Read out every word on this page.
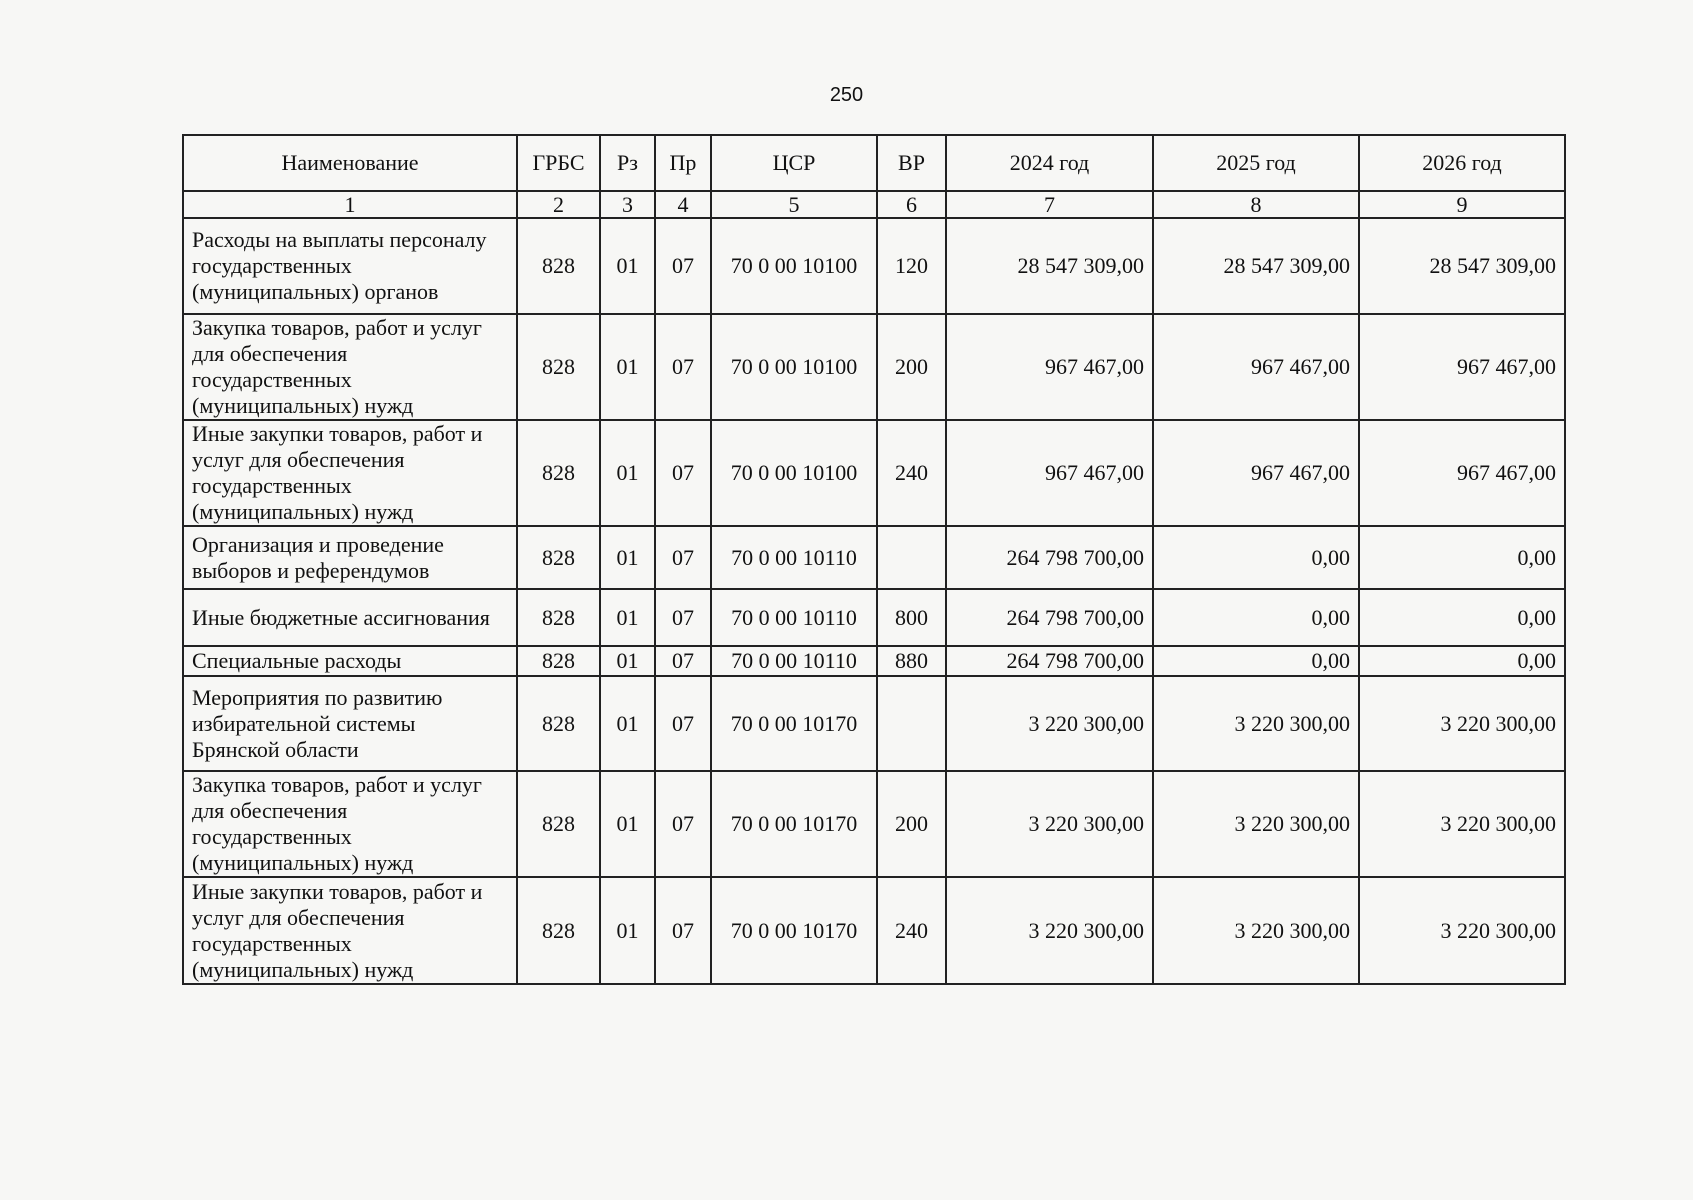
250
Наименование	ГРБС	Рз	Пр	ЦСР	ВР	2024 год	2025 год	2026 год
1	2	3	4	5	6	7	8	9
Расходы на выплаты персоналу государственных (муниципальных) органов	828	01	07	70 0 00 10100	120	28 547 309,00	28 547 309,00	28 547 309,00
Закупка товаров, работ и услуг для обеспечения государственных (муниципальных) нужд	828	01	07	70 0 00 10100	200	967 467,00	967 467,00	967 467,00
Иные закупки товаров, работ и услуг для обеспечения государственных (муниципальных) нужд	828	01	07	70 0 00 10100	240	967 467,00	967 467,00	967 467,00
Организация и проведение выборов и референдумов	828	01	07	70 0 00 10110		264 798 700,00	0,00	0,00
Иные бюджетные ассигнования	828	01	07	70 0 00 10110	800	264 798 700,00	0,00	0,00
Специальные расходы	828	01	07	70 0 00 10110	880	264 798 700,00	0,00	0,00
Мероприятия по развитию избирательной системы Брянской области	828	01	07	70 0 00 10170		3 220 300,00	3 220 300,00	3 220 300,00
Закупка товаров, работ и услуг для обеспечения государственных (муниципальных) нужд	828	01	07	70 0 00 10170	200	3 220 300,00	3 220 300,00	3 220 300,00
Иные закупки товаров, работ и услуг для обеспечения государственных (муниципальных) нужд	828	01	07	70 0 00 10170	240	3 220 300,00	3 220 300,00	3 220 300,00
